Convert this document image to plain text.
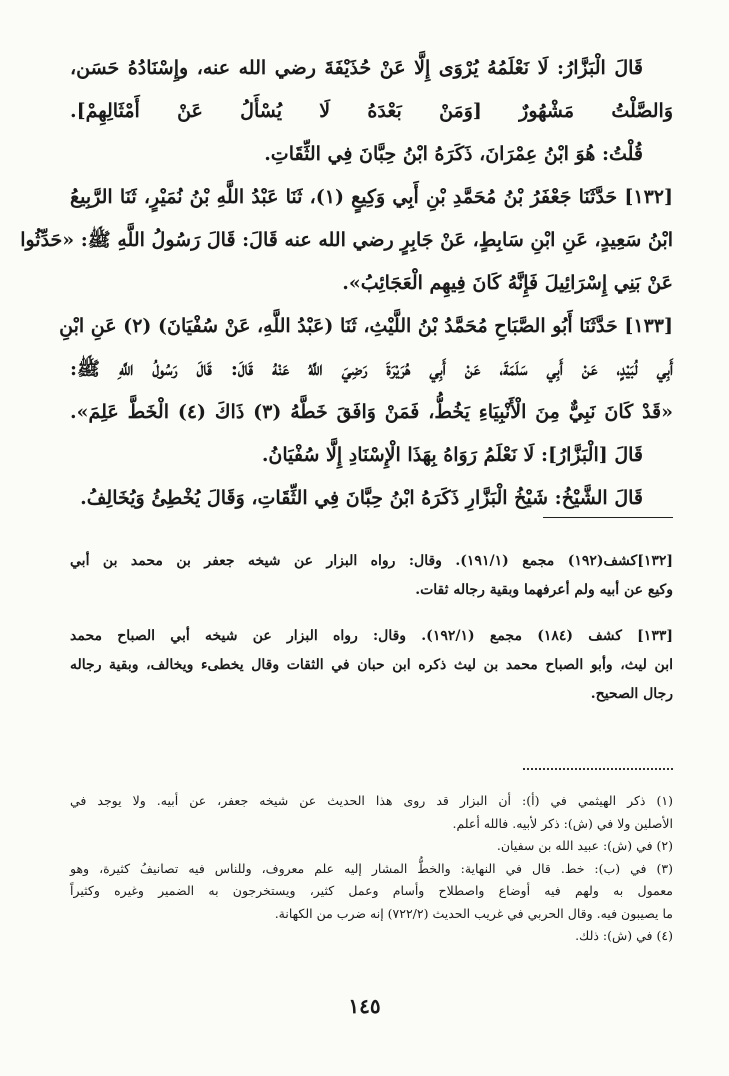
قَالَ الْبَزَّارُ: لَا نَعْلَمُهُ يُرْوَى إِلَّا عَنْ حُذَيْفَةَ رضي الله عنه، وإِسْنَادُهُ حَسَن،
وَالصَّلْتُ مَشْهُورٌ [وَمَنْ بَعْدَهُ لَا يُسْأَلُ عَنْ أَمْثَالِهِمْ].
قُلْتُ: هُوَ ابْنُ عِمْرَانَ، ذَكَرَهُ ابْنُ حِبَّانَ فِي الثِّقَاتِ.
[١٣٢] حَدَّثَنَا جَعْفَرُ بْنُ مُحَمَّدِ بْنِ أَبِي وَكِيعٍ (١)، ثَنَا عَبْدُ اللَّهِ بْنُ نُمَيْرٍ، ثَنَا الرَّبِيعُ
ابْنُ سَعِيدٍ، عَنِ ابْنِ سَابِطٍ، عَنْ جَابِرٍ رضي الله عنه قَالَ: قَالَ رَسُولُ اللَّهِ ﷺ: «حَدِّثُوا
عَنْ بَنِي إِسْرَائِيلَ فَإِنَّهُ كَانَ فِيهِم الْعَجَائِبُ».
[١٣٣] حَدَّثَنَا أَبُو الصَّبَاحِ مُحَمَّدُ بْنُ اللَّيْثِ، ثَنَا (عَبْدُ اللَّهِ، عَنْ سُفْيَانَ) (٢) عَنِ ابْنِ
أَبِي لُبَيْدٍ، عَنْ أَبِي سَلَمَةَ، عَنْ أَبِي هُرَيْرَةَ رَضِيَ اللَّهُ عَنْهُ قَالَ: قَالَ رَسُولُ اللَّهِ ﷺ:
«قَدْ كَانَ نَبِيٌّ مِنَ الْأَنْبِيَاءِ يَخُطُّ، فَمَنْ وَافَقَ خَطَّهُ (٣) ذَاكَ (٤) الْخَطَّ عَلِمَ».
قَالَ [الْبَزَّارُ]: لَا نَعْلَمُ رَوَاهُ بِهَذَا الْإِسْنَادِ إِلَّا سُفْيَانُ.
قَالَ الشَّيْخُ: شَيْخُ الْبَزَّارِ ذَكَرَهُ ابْنُ حِبَّانَ فِي الثِّقَاتِ، وَقَالَ يُخْطِئُ وَيُخَالِفُ.
[١٣٢]كشف(١٩٢) مجمع (١٩١/١). وقال: رواه البزار عن شيخه جعفر بن محمد بن أبي
وكيع عن أبيه ولم أعرفهما وبقية رجاله ثقات.
[١٣٣] كشف (١٨٤) مجمع (١٩٢/١). وقال: رواه البزار عن شيخه أبي الصباح محمد
ابن ليث، وأبو الصباح محمد بن ليث ذكره ابن حبان في الثقات وقال يخطىء ويخالف، وبقية رجاله
رجال الصحيح.
(١) ذكر الهيثمي في (أ): أن البزار قد روى هذا الحديث عن شيخه جعفر، عن أبيه. ولا يوجد في
الأصلين ولا في (ش): ذكر لأبيه. فالله أعلم.
(٢) في (ش): عبيد الله بن سفيان.
(٣) في (ب): خط. قال في النهاية: والخطُّ المشار إليه علم معروف، وللناس فيه تصانيفُ كثيرة، وهو
معمول به ولهم فيه أوضاع واصطلاح وأسام وعمل كثير، ويستخرجون به الضمير وغيره وكثيراً
ما يصيبون فيه. وقال الحربي في غريب الحديث (٧٢٢/٢) إنه ضرب من الكهانة.
(٤) في (ش): ذلك.
١٤٥
